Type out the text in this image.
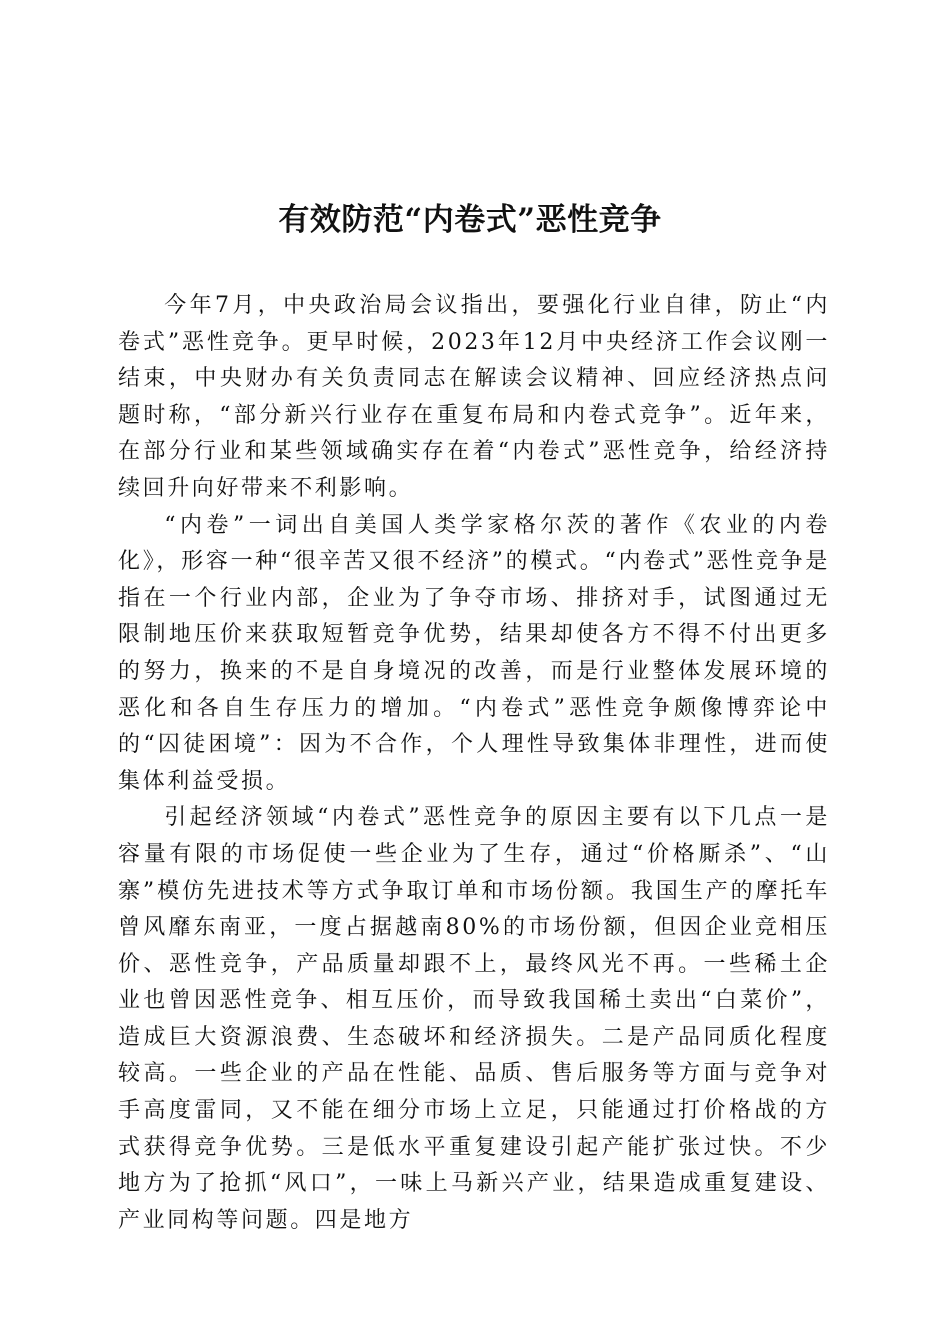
有效防范“内卷式”恶性竞争

今年7月，中央政治局会议指出，要强化行业自律，防止“内卷式”恶性竞争。更早时候，2023年12月中央经济工作会议刚一结束，中央财办有关负责同志在解读会议精神、回应经济热点问题时称，“部分新兴行业存在重复布局和内卷式竞争”。近年来，在部分行业和某些领域确实存在着“内卷式”恶性竞争，给经济持续回升向好带来不利影响。

“内卷”一词出自美国人类学家格尔茨的著作《农业的内卷化》，形容一种“很辛苦又很不经济”的模式。“内卷式”恶性竞争是指在一个行业内部，企业为了争夺市场、排挤对手，试图通过无限制地压价来获取短暂竞争优势，结果却使各方不得不付出更多的努力，换来的不是自身境况的改善，而是行业整体发展环境的恶化和各自生存压力的增加。“内卷式”恶性竞争颇像博弈论中的“囚徒困境”：因为不合作，个人理性导致集体非理性，进而使集体利益受损。

引起经济领域“内卷式”恶性竞争的原因主要有以下几点一是容量有限的市场促使一些企业为了生存，通过“价格厮杀”、“山寨”模仿先进技术等方式争取订单和市场份额。我国生产的摩托车曾风靡东南亚，一度占据越南80%的市场份额，但因企业竞相压价、恶性竞争，产品质量却跟不上，最终风光不再。一些稀土企业也曾因恶性竞争、相互压价，而导致我国稀土卖出“白菜价”，造成巨大资源浪费、生态破坏和经济损失。二是产品同质化程度较高。一些企业的产品在性能、品质、售后服务等方面与竞争对手高度雷同，又不能在细分市场上立足，只能通过打价格战的方式获得竞争优势。三是低水平重复建设引起产能扩张过快。不少地方为了抢抓“风口”，一味上马新兴产业，结果造成重复建设、产业同构等问题。四是地方
